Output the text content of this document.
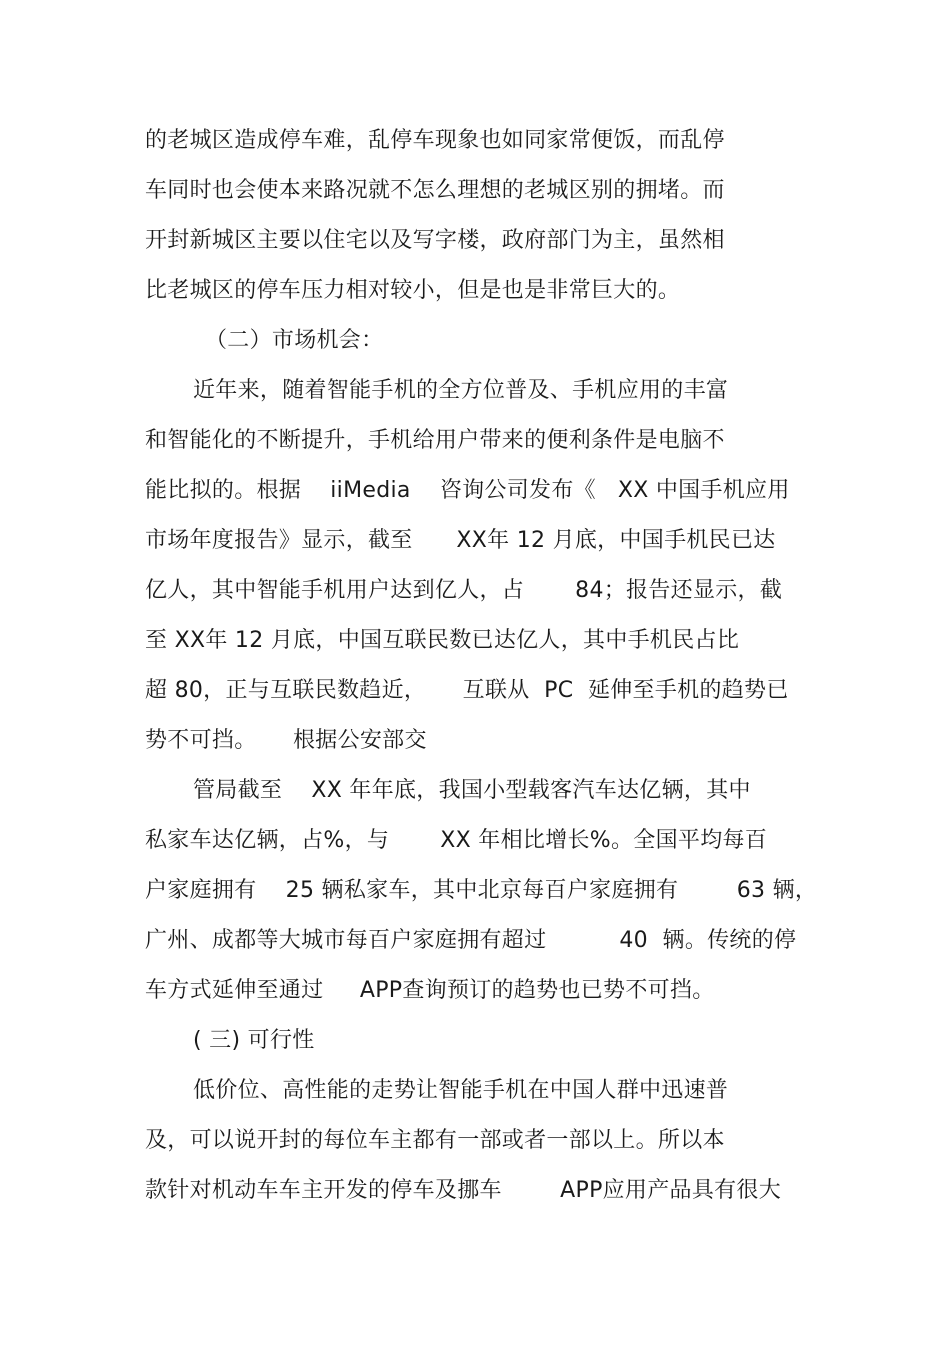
的老城区造成停车难，乱停车现象也如同家常便饭，而乱停

车同时也会使本来路况就不怎么理想的老城区别的拥堵。而

开封新城区主要以住宅以及写字楼，政府部门为主，虽然相

比老城区的停车压力相对较小，但是也是非常巨大的。

（二）市场机会：

近年来，随着智能手机的全方位普及、手机应用的丰富

和智能化的不断提升，手机给用户带来的便利条件是电脑不

能比拟的。根据    iiMedia    咨询公司发布《   XX 中国手机应用

市场年度报告》显示，截至      XX年 12 月底，中国手机民已达

亿人，其中智能手机用户达到亿人，占       84；报告还显示，截

至 XX年 12 月底，中国互联民数已达亿人，其中手机民占比

超 80，正与互联民数趋近，     互联从  PC  延伸至手机的趋势已

势不可挡。     根据公安部交

管局截至    XX 年年底，我国小型载客汽车达亿辆，其中

私家车达亿辆，占%，与       XX 年相比增长%。全国平均每百

户家庭拥有    25 辆私家车，其中北京每百户家庭拥有        63 辆，

广州、成都等大城市每百户家庭拥有超过          40  辆。传统的停

车方式延伸至通过     APP查询预订的趋势也已势不可挡。

( 三) 可行性

低价位、高性能的走势让智能手机在中国人群中迅速普

及，可以说开封的每位车主都有一部或者一部以上。所以本

款针对机动车车主开发的停车及挪车        APP应用产品具有很大
